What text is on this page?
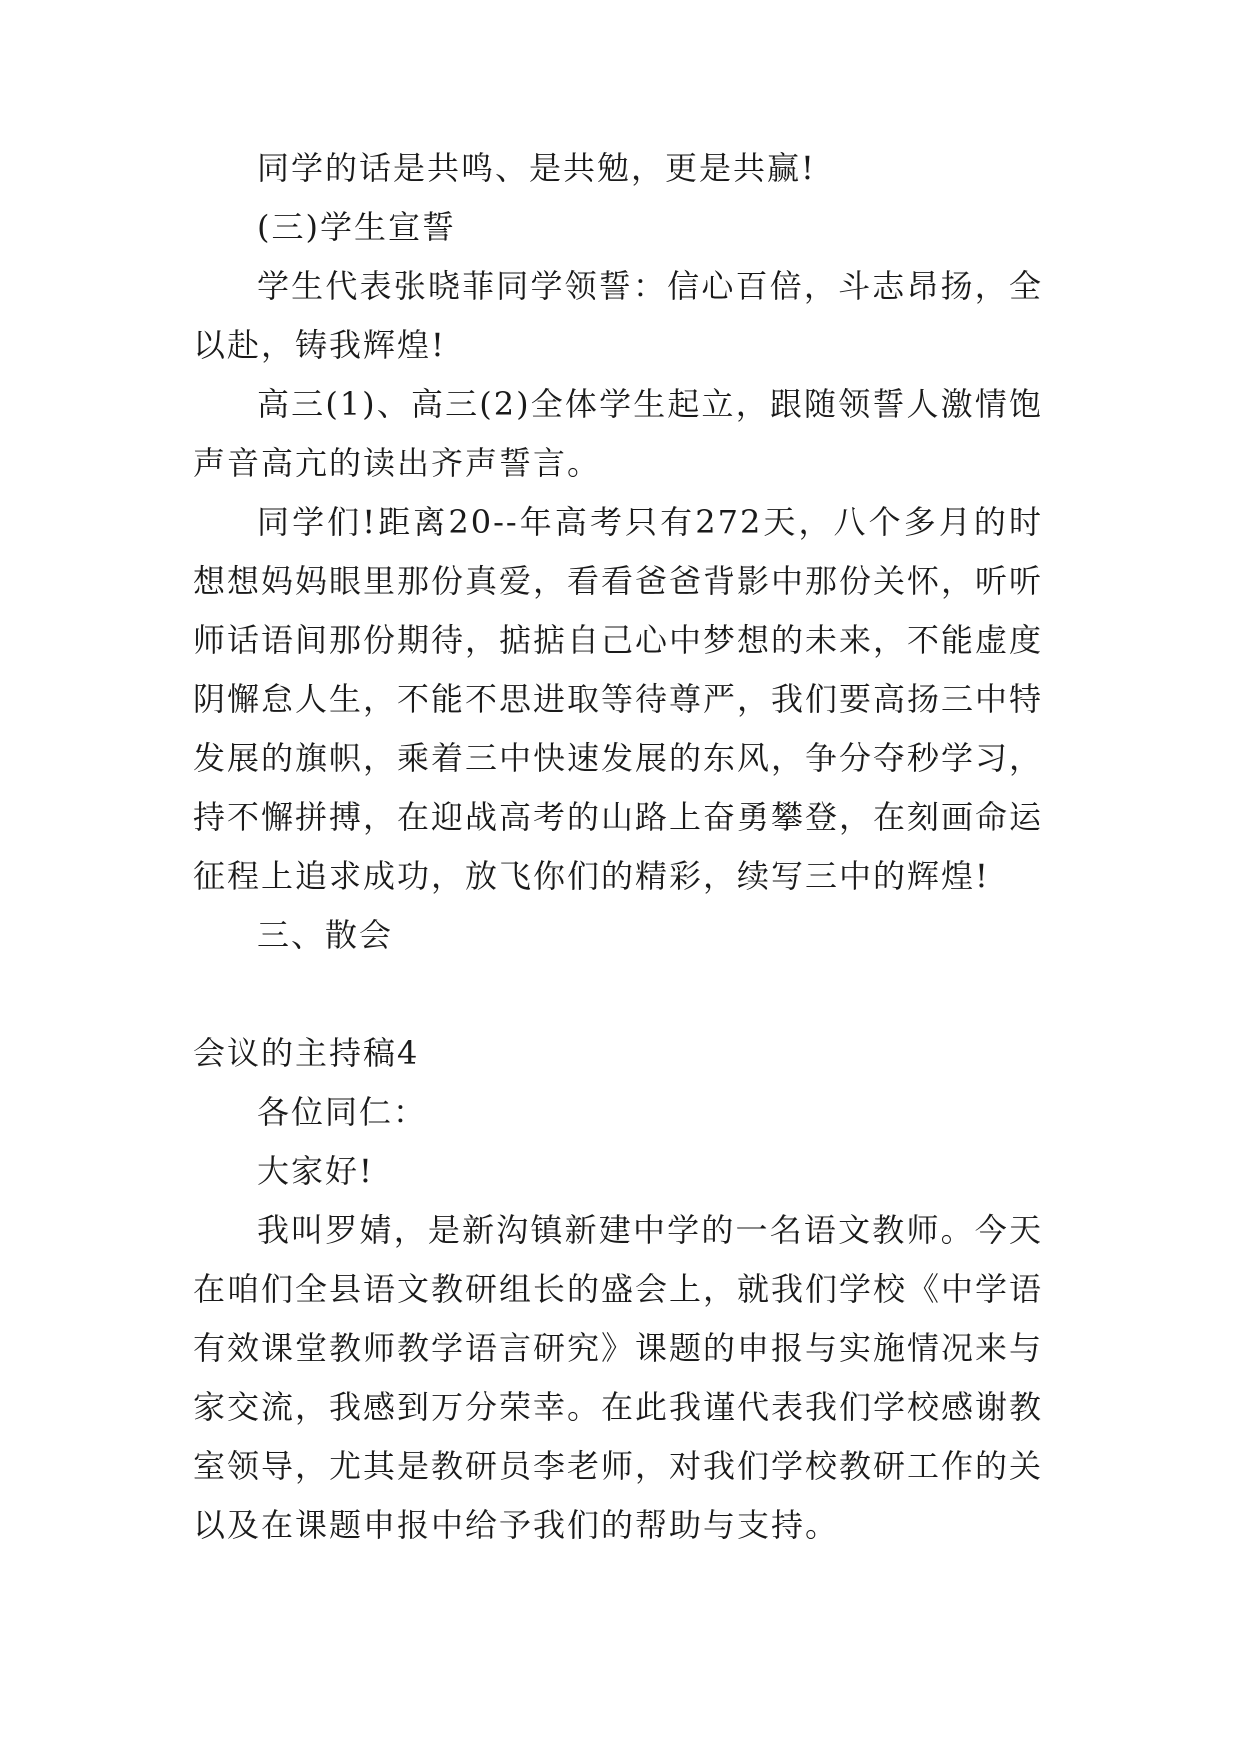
同学的话是共鸣、是共勉，更是共赢!
(三)学生宣誓
学生代表张晓菲同学领誓：信心百倍，斗志昂扬，全
以赴，铸我辉煌!
高三(1)、高三(2)全体学生起立，跟随领誓人激情饱
声音高亢的读出齐声誓言。
同学们!距离20--年高考只有272天，八个多月的时
想想妈妈眼里那份真爱，看看爸爸背影中那份关怀，听听
师话语间那份期待，掂掂自己心中梦想的未来，不能虚度
阴懈怠人生，不能不思进取等待尊严，我们要高扬三中特
发展的旗帜，乘着三中快速发展的东风，争分夺秒学习，
持不懈拼搏，在迎战高考的山路上奋勇攀登，在刻画命运
征程上追求成功，放飞你们的精彩，续写三中的辉煌!
三、散会
会议的主持稿4
各位同仁：
大家好!
我叫罗婧，是新沟镇新建中学的一名语文教师。今天
在咱们全县语文教研组长的盛会上，就我们学校《中学语
有效课堂教师教学语言研究》课题的申报与实施情况来与
家交流，我感到万分荣幸。在此我谨代表我们学校感谢教
室领导，尤其是教研员李老师，对我们学校教研工作的关
以及在课题申报中给予我们的帮助与支持。
